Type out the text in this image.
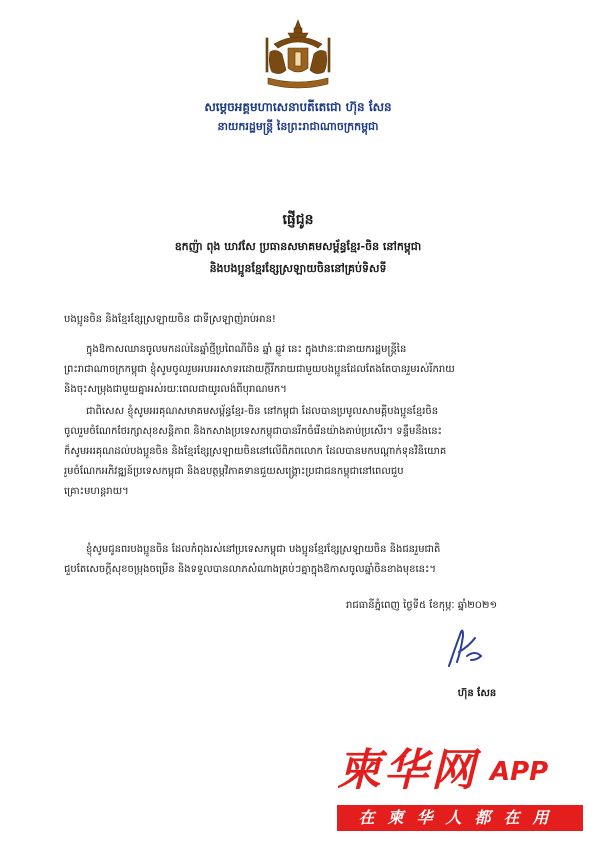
សម្ដេចអគ្គមហាសេនាបតីតេជោ ហ៊ុន សែន
នាយករដ្ឋមន្ត្រី នៃព្រះរាជាណាចក្រកម្ពុជា
ផ្ញើជូន
ឧកញ៉ា ពុង ឃាវសែ ប្រធានសមាគមសម្ព័ន្ធខ្មែរ-ចិន នៅកម្ពុជា
និងបងប្អូនខ្មែរខ្សែស្រឡាយចិននៅគ្រប់ទិសទី
បងប្អូនចិន និងខ្មែរខ្សែស្រឡាយចិន ជាទីស្រឡាញ់រាប់អាន!
ក្នុងឱកាសឈានចូលមកដល់នៃឆ្នាំថ្មីប្រពៃណីចិន ឆ្នាំ ឆ្លូវ នេះ ក្នុងឋានៈជានាយករដ្ឋមន្ត្រីនៃ
ព្រះរាជាណាចក្រកម្ពុជា ខ្ញុំសូមចូលរួមអបអរសាទរដោយក្ដីរីករាយជាមួយបងប្អូនដែលតែងតែបានរួមរស់រីករាយ
និងចុះសម្រុងជាមួយគ្នាអស់រយៈពេលជាយូរលង់ពីបុរាណមក។
ជាពិសេស ខ្ញុំសូមអរគុណសមាគមសម្ព័ន្ធខ្មែរ-ចិន នៅកម្ពុជា ដែលបានប្រមូលសាមគ្គីបងប្អូនខ្មែរចិន
ចូលរួមចំណែកថែរក្សាសុខសន្តិភាព និងកសាងប្រទេសកម្ពុជាបានរីកចំរើនយ៉ាងគាប់ប្រសើរ។ ទន្ទឹមនឹងនេះ
ក៏សូមអរគុណដល់បងប្អូនចិន និងខ្មែរខ្សែស្រឡាយចិននៅលើពិភពលោក ដែលបានមកបណ្ដាក់ទុនវិនិយោគ
រួមចំណែកអភិវឌ្ឍន៍ប្រទេសកម្ពុជា និងឧបត្ថម្ភវិភាគទានជួយសង្គ្រោះប្រជាជនកម្ពុជានៅពេលជួប
គ្រោះមហន្តរាយ។
ខ្ញុំសូមជូនពរបងប្អូនចិន ដែលកំពុងរស់នៅប្រទេសកម្ពុជា បងប្អូនខ្មែរខ្សែស្រឡាយចិន និងជនរួមជាតិ
ជួបតែសេចក្ដីសុខចម្រុងចម្រើន និងទទួលបានលាភសំណាងគ្រប់ៗគ្នាក្នុងឱកាសចូលឆ្នាំចិនខាងមុខនេះ។
រាជធានីភ្នំពេញ ថ្ងៃទី៥ ខែកុម្ភៈ ឆ្នាំ២០២១
ហ៊ុន សែន
柬华网 APP
在柬华人都在用
